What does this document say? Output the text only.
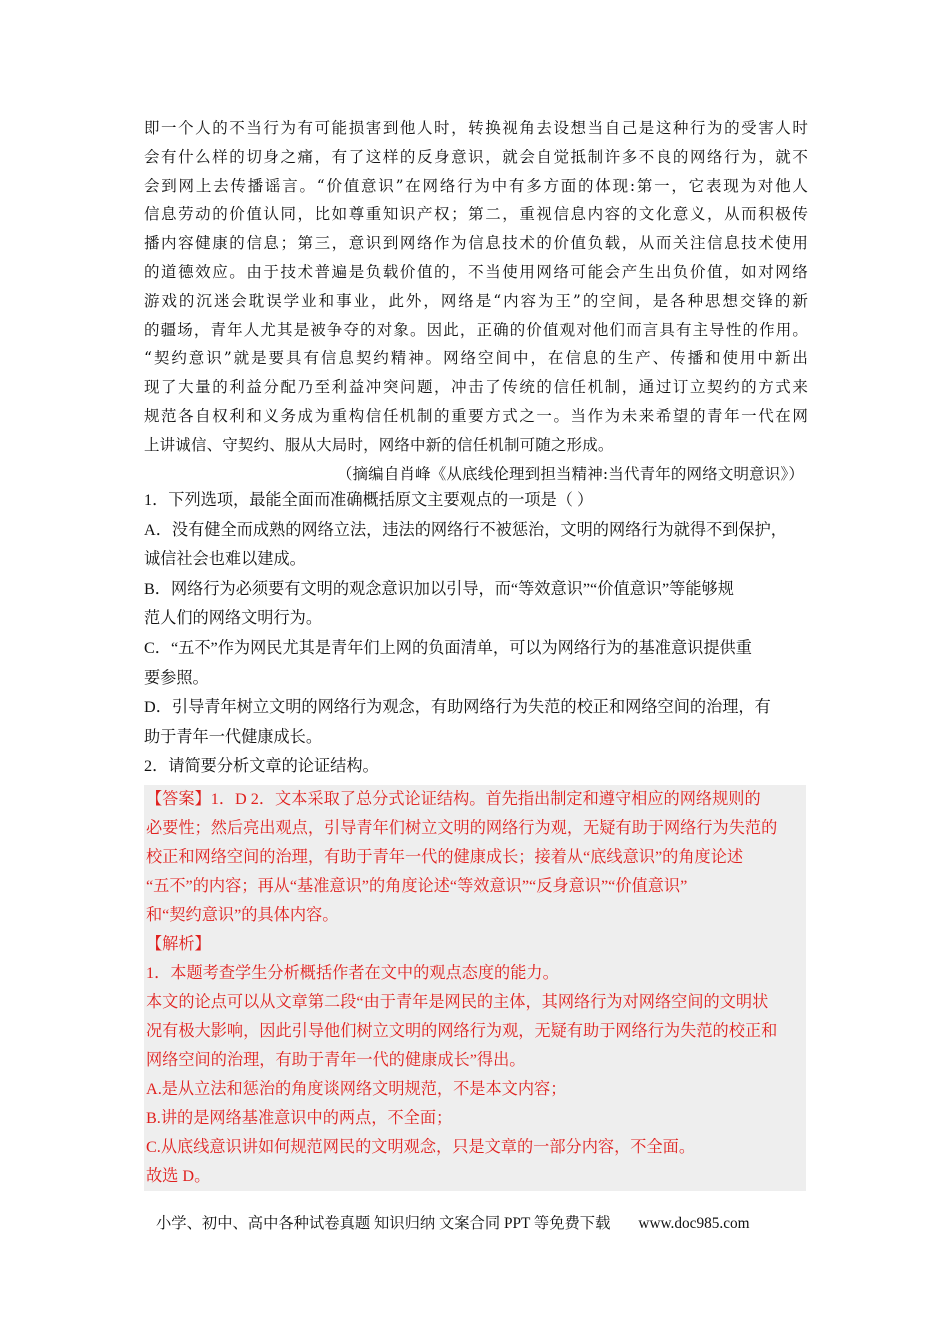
即一个人的不当行为有可能损害到他人时，转换视角去设想当自己是这种行为的受害人时
会有什么样的切身之痛，有了这样的反身意识，就会自觉抵制许多不良的网络行为，就不
会到网上去传播谣言。“价值意识”在网络行为中有多方面的体现:第一，它表现为对他人
信息劳动的价值认同，比如尊重知识产权；第二，重视信息内容的文化意义，从而积极传
播内容健康的信息；第三，意识到网络作为信息技术的价值负载，从而关注信息技术使用
的道德效应。由于技术普遍是负载价值的，不当使用网络可能会产生出负价值，如对网络
游戏的沉迷会耽误学业和事业，此外，网络是“内容为王”的空间，是各种思想交锋的新
的疆场，青年人尤其是被争夺的对象。因此，正确的价值观对他们而言具有主导性的作用。
“契约意识”就是要具有信息契约精神。网络空间中，在信息的生产、传播和使用中新出
现了大量的利益分配乃至利益冲突问题，冲击了传统的信任机制，通过订立契约的方式来
规范各自权利和义务成为重构信任机制的重要方式之一。当作为未来希望的青年一代在网
上讲诚信、守契约、服从大局时，网络中新的信任机制可随之形成。
（摘编自肖峰《从底线伦理到担当精神:当代青年的网络文明意识》）
1．下列选项，最能全面而准确概括原文主要观点的一项是（ ）
A．没有健全而成熟的网络立法，违法的网络行不被惩治，文明的网络行为就得不到保护，
诚信社会也难以建成。
B．网络行为必须要有文明的观念意识加以引导，而“等效意识”“价值意识”等能够规
范人们的网络文明行为。
C．“五不”作为网民尤其是青年们上网的负面清单，可以为网络行为的基准意识提供重
要参照。
D．引导青年树立文明的网络行为观念，有助网络行为失范的校正和网络空间的治理，有
助于青年一代健康成长。
2．请简要分析文章的论证结构。
【答案】1．D 2．文本采取了总分式论证结构。首先指出制定和遵守相应的网络规则的
必要性；然后亮出观点，引导青年们树立文明的网络行为观，无疑有助于网络行为失范的
校正和网络空间的治理，有助于青年一代的健康成长；接着从“底线意识”的角度论述
“五不”的内容；再从“基准意识”的角度论述“等效意识”“反身意识”“价值意识”
和“契约意识”的具体内容。
【解析】
1．本题考查学生分析概括作者在文中的观点态度的能力。
本文的论点可以从文章第二段“由于青年是网民的主体，其网络行为对网络空间的文明状
况有极大影响，因此引导他们树立文明的网络行为观，无疑有助于网络行为失范的校正和
网络空间的治理，有助于青年一代的健康成长”得出。
A.是从立法和惩治的角度谈网络文明规范，不是本文内容；
B.讲的是网络基准意识中的两点，不全面；
C.从底线意识讲如何规范网民的文明观念，只是文章的一部分内容，不全面。
故选 D。
小学、初中、高中各种试卷真题 知识归纳 文案合同 PPT 等免费下载 www.doc985.com
